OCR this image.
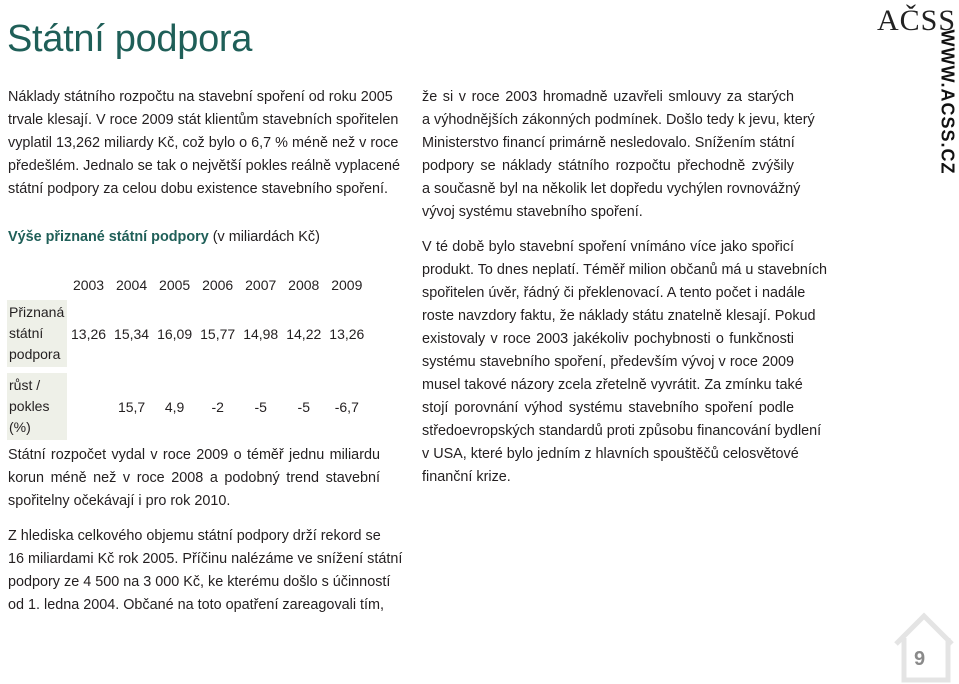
Státní podpora	AČSS
WWW.ACSS.CZ

Náklady státního rozpočtu na stavební spoření od roku 2005
trvale klesají. V roce 2009 stát klientům stavebních spořitelen
vyplatil 13,262 miliardy Kč, což bylo o 6,7 % méně než v roce
předešlém. Jednalo se tak o největší pokles reálně vyplacené
státní podpory za celou dobu existence stavebního spoření.

Výše přiznané státní podpory (v miliardách Kč)
	2003	2004	2005	2006	2007	2008	2009
Přiznaná státní podpora	13,26	15,34	16,09	15,77	14,98	14,22	13,26

růst / pokles (%)		15,7	4,9	-2	-5	-5	-6,7

Státní rozpočet vydal v roce 2009 o téměř jednu miliardu
korun méně než v roce 2008 a podobný trend stavební
spořitelny očekávají i pro rok 2010.

Z hlediska celkového objemu státní podpory drží rekord se
16 miliardami Kč rok 2005. Příčinu nalézáme ve snížení státní
podpory ze 4 500 na 3 000 Kč, ke kterému došlo s účinností
od 1. ledna 2004. Občané na toto opatření zareagovali tím,

že si v roce 2003 hromadně uzavřeli smlouvy za starých
a výhodnějších zákonných podmínek. Došlo tedy k jevu, který
Ministerstvo financí primárně nesledovalo. Snížením státní
podpory se náklady státního rozpočtu přechodně zvýšily
a současně byl na několik let dopředu vychýlen rovnovážný
vývoj systému stavebního spoření.

V té době bylo stavební spoření vnímáno více jako spořicí
produkt. To dnes neplatí. Téměř milion občanů má u stavebních
spořitelen úvěr, řádný či překlenovací. A tento počet i nadále
roste navzdory faktu, že náklady státu znatelně klesají. Pokud
existovaly v roce 2003 jakékoliv pochybnosti o funkčnosti
systému stavebního spoření, především vývoj v roce 2009
musel takové názory zcela zřetelně vyvrátit. Za zmínku také
stojí porovnání výhod systému stavebního spoření podle
středoevropských standardů proti způsobu financování bydlení
v USA, které bylo jedním z hlavních spouštěčů celosvětové
finanční krize.

9
